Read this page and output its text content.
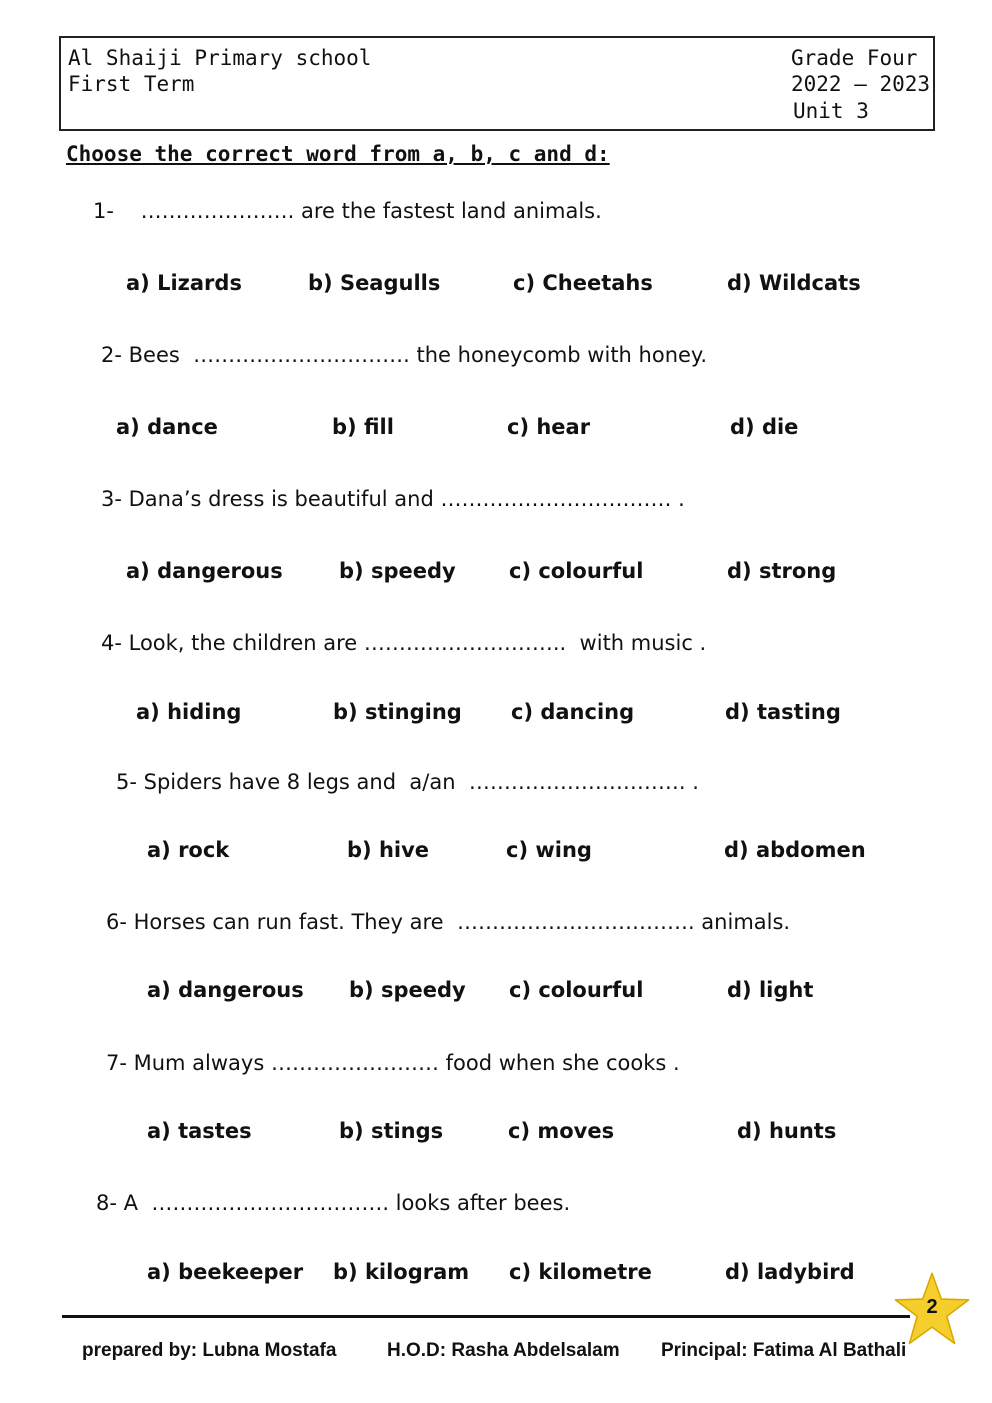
Al Shaiji Primary school
First Term
Grade Four
2022 – 2023
Unit 3
Choose the correct word from a, b, c and d:
1-    …………………. are the fastest land animals.
a) Lizards	b) Seagulls	c) Cheetahs	d) Wildcats
2- Bees  …………………………. the honeycomb with honey.
a) dance	b) fill	c) hear	d) die
3- Dana’s dress is beautiful and …………………………… .
a) dangerous	b) speedy	c) colourful	d) strong
4- Look, the children are ………………………..  with music .
a) hiding	b) stinging c) dancing	d) tasting
5- Spiders have 8 legs and  a/an  …………………………. .
a) rock	b) hive	c) wing	d) abdomen
6- Horses can run fast. They are  ……………………………. animals.
a) dangerous b) speedy c) colourful	d) light
7- Mum always …………………… food when she cooks .
a) tastes	b) stings	c) moves	d) hunts
8- A  ……………………………. looks after bees.
a) beekeeper b) kilogram c) kilometre	d) ladybird
prepared by: Lubna Mostafa	H.O.D: Rasha Abdelsalam Principal: Fatima Al Bathali
2
